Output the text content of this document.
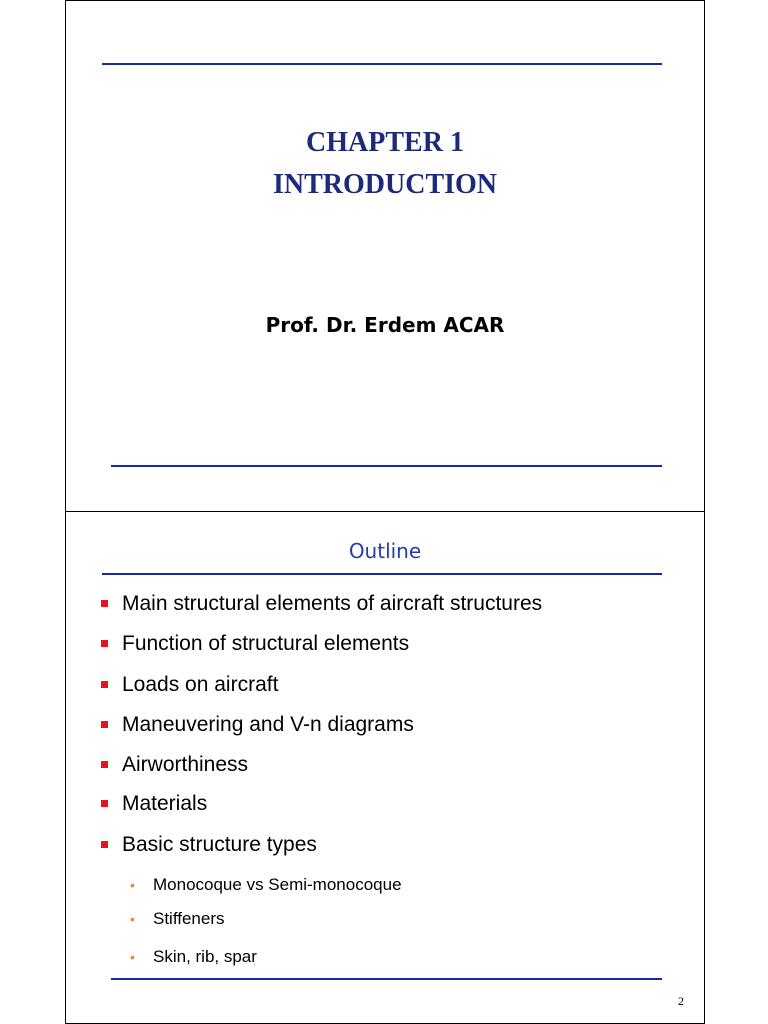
CHAPTER 1
INTRODUCTION
Prof. Dr. Erdem ACAR
Outline
Main structural elements of aircraft structures
Function of structural elements
Loads on aircraft
Maneuvering and V-n diagrams
Airworthiness
Materials
Basic structure types
• Monocoque vs Semi-monocoque
• Stiffeners
• Skin, rib, spar
2
